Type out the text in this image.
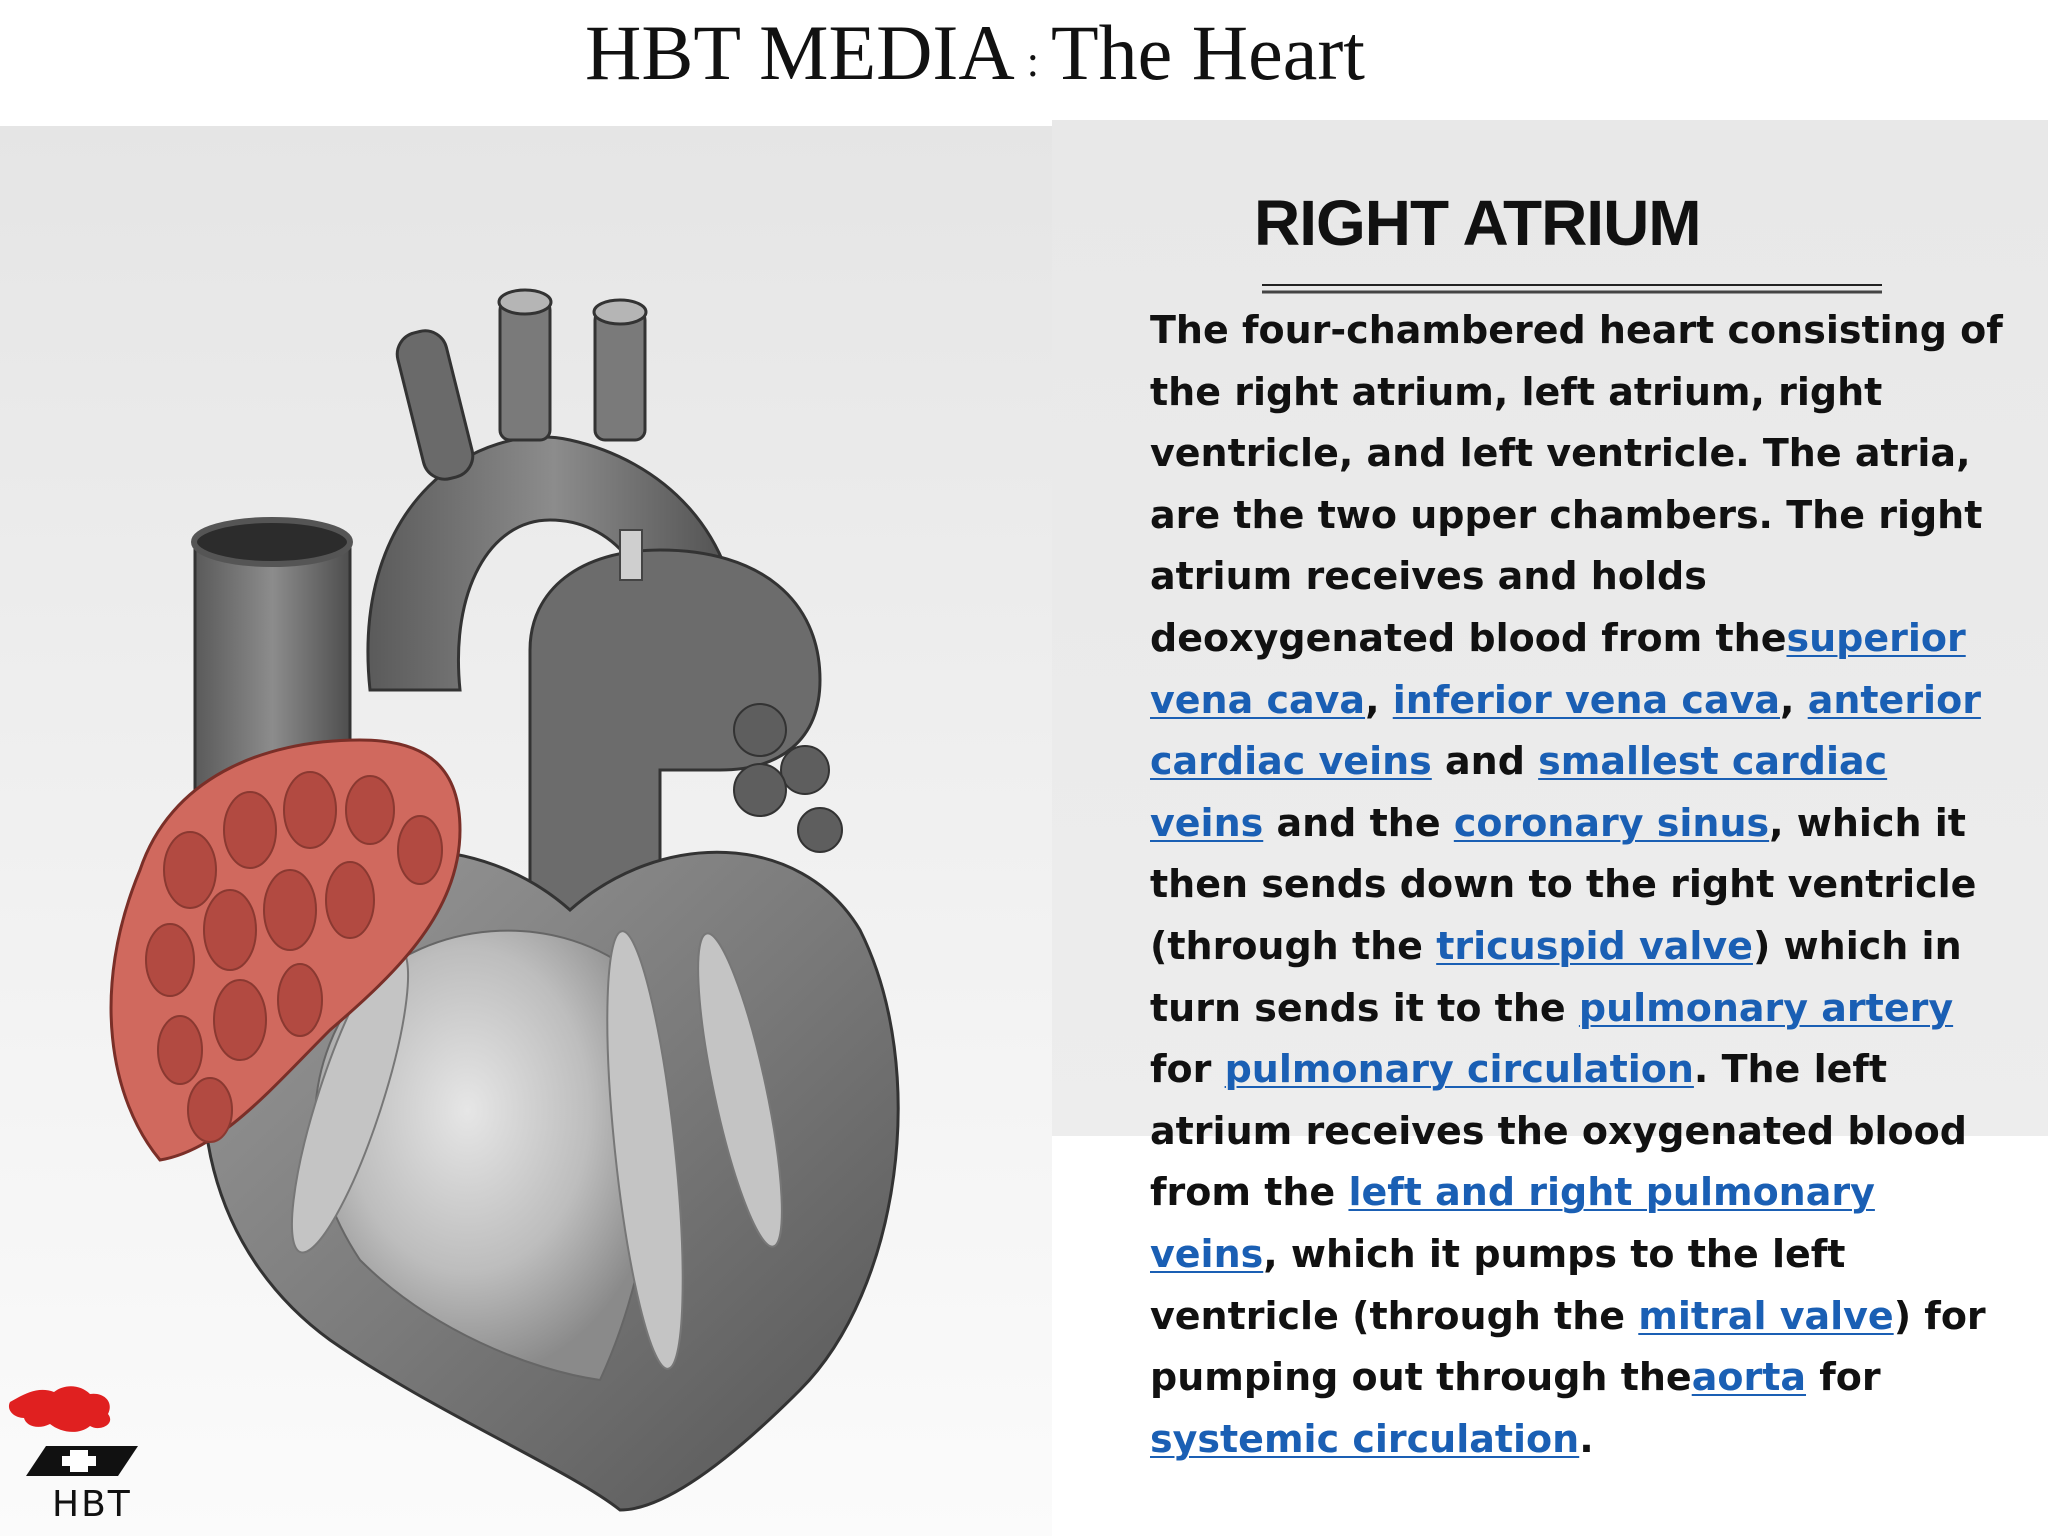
HBT MEDIA : The Heart
RIGHT ATRIUM
The four-chambered heart consisting of the right atrium, left atrium, right ventricle, and left ventricle. The atria, are the two upper chambers. The right atrium receives and holds deoxygenated blood from thesuperior vena cava, inferior vena cava, anterior cardiac veins and smallest cardiac veins and the coronary sinus, which it then sends down to the right ventricle (through the tricuspid valve) which in turn sends it to the pulmonary artery for pulmonary circulation. The left atrium receives the oxygenated blood from the left and right pulmonary veins, which it pumps to the left ventricle (through the mitral valve) for pumping out through theaorta for systemic circulation.
HBT
